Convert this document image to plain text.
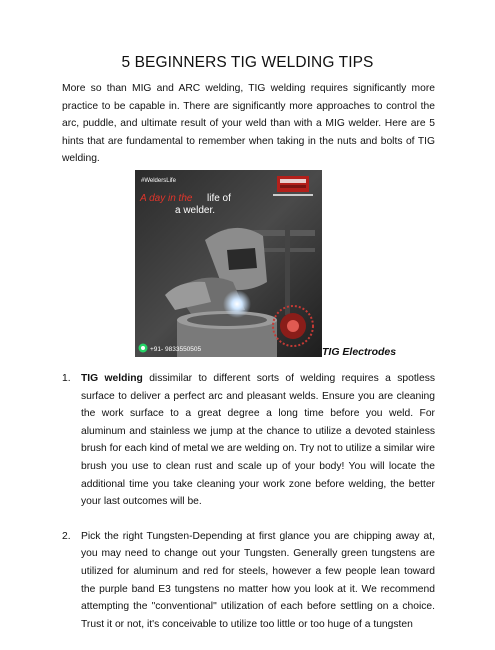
5 BEGINNERS TIG WELDING TIPS

More so than MIG and ARC welding, TIG welding requires significantly more practice to be capable in. There are significantly more approaches to control the arc, puddle, and ultimate result of your weld than with a MIG welder. Here are 5 hints that are fundamental to remember when taking in the nuts and bolts of TIG welding.

#WeldersLife
A day in the life of
a welder.
+91- 9833550505	TIG Electrodes
1. TIG welding dissimilar to different sorts of welding requires a spotless surface to deliver a perfect arc and pleasant welds. Ensure you are cleaning the work surface to a great degree a long time before you weld. For aluminum and stainless we jump at the chance to utilize a devoted stainless brush for each kind of metal we are welding on. Try not to utilize a similar wire brush you use to clean rust and scale up of your body! You will locate the additional time you take cleaning your work zone before welding, the better your last outcomes will be.
2. Pick the right Tungsten-Depending at first glance you are chipping away at, you may need to change out your Tungsten. Generally green tungstens are utilized for aluminum and red for steels, however a few people lean toward the purple band E3 tungstens no matter how you look at it. We recommend attempting the "conventional" utilization of each before settling on a choice. Trust it or not, it's conceivable to utilize too little or too huge of a tungsten
